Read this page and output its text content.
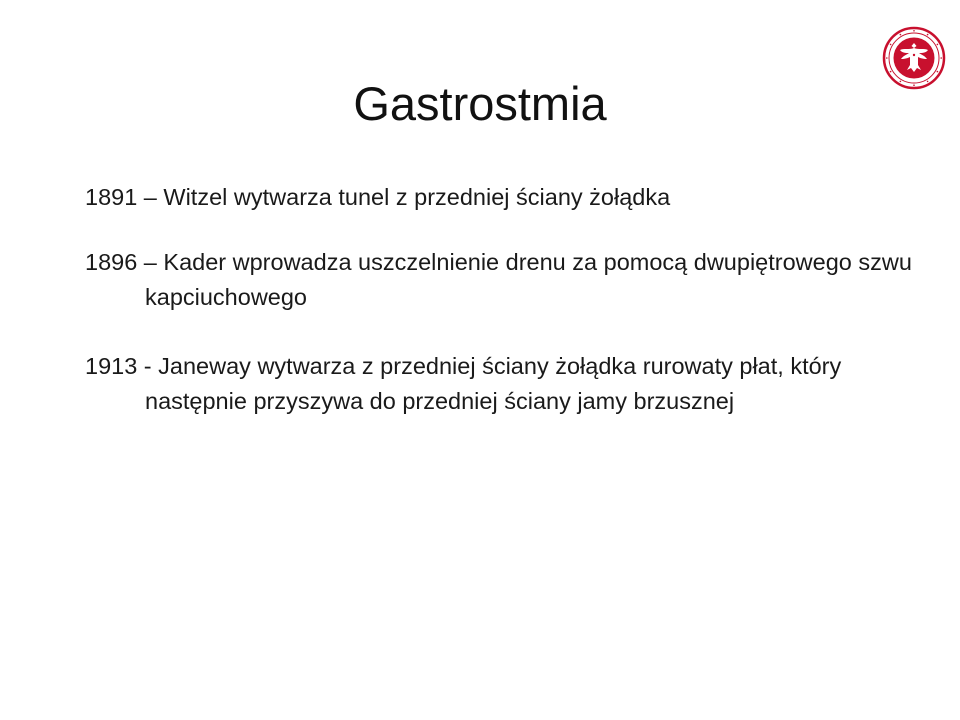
Gastrostmia

1891 – Witzel wytwarza tunel z przedniej ściany żołądka

1896 – Kader wprowadza uszczelnienie drenu za pomocą dwupiętrowego szwu kapciuchowego

1913 - Janeway wytwarza z przedniej ściany żołądka rurowaty płat, który następnie przyszywa do przedniej ściany jamy brzusznej
